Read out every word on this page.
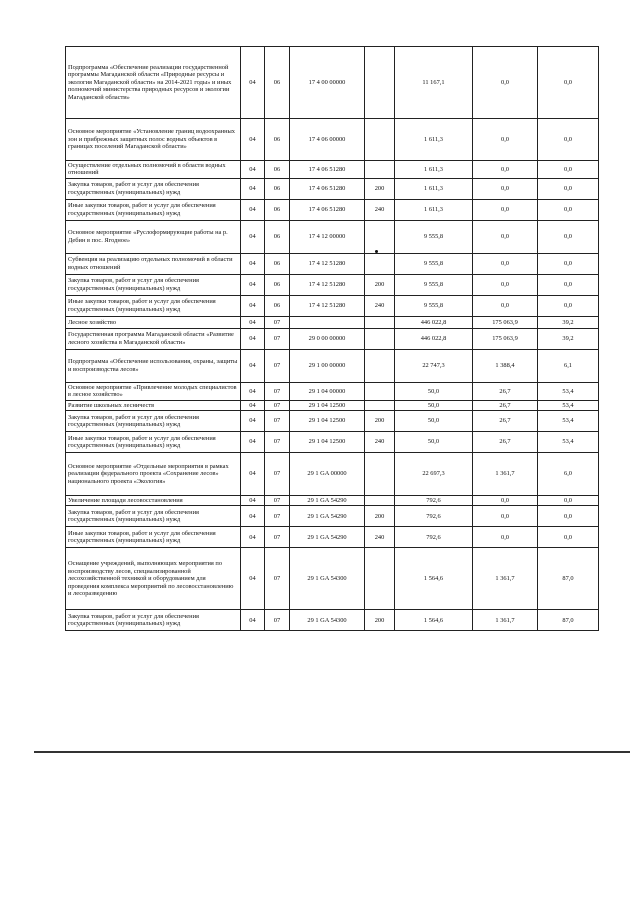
Подпрограмма «Обеспечение реализации государственной программы Магаданской области «Природные ресурсы и экология Магаданской области» на 2014-2021 годы» и иных полномочий министерства природных ресурсов и экологии Магаданской области»	04	06	17 4 00 00000		11 167,1	0,0	0,0
Основное мероприятие «Установление границ водоохранных зон и прибрежных защитных полос водных объектов в границах поселений Магаданской области»	04	06	17 4 06 00000		1 611,3	0,0	0,0
Осуществление отдельных полномочий в области водных отношений	04	06	17 4 06 51280		1 611,3	0,0	0,0
Закупка товаров, работ и услуг для обеспечения государственных (муниципальных) нужд	04	06	17 4 06 51280	200	1 611,3	0,0	0,0
Иные закупки товаров, работ и услуг для обеспечения государственных (муниципальных) нужд	04	06	17 4 06 51280	240	1 611,3	0,0	0,0
Основное мероприятие «Руслоформирующие работы на р. Дебин в пос. Ягодное»	04	06	17 4 12 00000		9 555,8	0,0	0,0
Субвенция на реализацию отдельных полномочий в области водных отношений	04	06	17 4 12 51280		9 555,8	0,0	0,0
Закупка товаров, работ и услуг для обеспечения государственных (муниципальных) нужд	04	06	17 4 12 51280	200	9 555,8	0,0	0,0
Иные закупки товаров, работ и услуг для обеспечения государственных (муниципальных) нужд	04	06	17 4 12 51280	240	9 555,8	0,0	0,0
Лесное хозяйство	04	07			446 022,8	175 063,9	39,2
Государственная программа Магаданской области «Развитие лесного хозяйства в Магаданской области»	04	07	29 0 00 00000		446 022,8	175 063,9	39,2
Подпрограмма «Обеспечение использования, охраны, защиты и воспроизводства лесов»	04	07	29 1 00 00000		22 747,3	1 388,4	6,1
Основное мероприятие «Привлечение молодых специалистов в лесное хозяйство»	04	07	29 1 04 00000		50,0	26,7	53,4
Развитие школьных лесничеств	04	07	29 1 04 12500		50,0	26,7	53,4
Закупка товаров, работ и услуг для обеспечения государственных (муниципальных) нужд	04	07	29 1 04 12500	200	50,0	26,7	53,4
Иные закупки товаров, работ и услуг для обеспечения государственных (муниципальных) нужд	04	07	29 1 04 12500	240	50,0	26,7	53,4
Основное мероприятие «Отдельные мероприятия в рамках реализации федерального проекта «Сохранение лесов» национального проекта «Экология»	04	07	29 1 GA 00000		22 697,3	1 361,7	6,0
Увеличение площади лесовосстановления	04	07	29 1 GA 54290		792,6	0,0	0,0
Закупка товаров, работ и услуг для обеспечения государственных (муниципальных) нужд	04	07	29 1 GA 54290	200	792,6	0,0	0,0
Иные закупки товаров, работ и услуг для обеспечения государственных (муниципальных) нужд	04	07	29 1 GA 54290	240	792,6	0,0	0,0
Оснащение учреждений, выполняющих мероприятия по воспроизводству лесов, специализированной лесохозяйственной техникой и оборудованием для проведения комплекса мероприятий по лесовосстановлению и лесоразведению	04	07	29 1 GA 54300		1 564,6	1 361,7	87,0
Закупка товаров, работ и услуг для обеспечения государственных (муниципальных) нужд	04	07	29 1 GA 54300	200	1 564,6	1 361,7	87,0
